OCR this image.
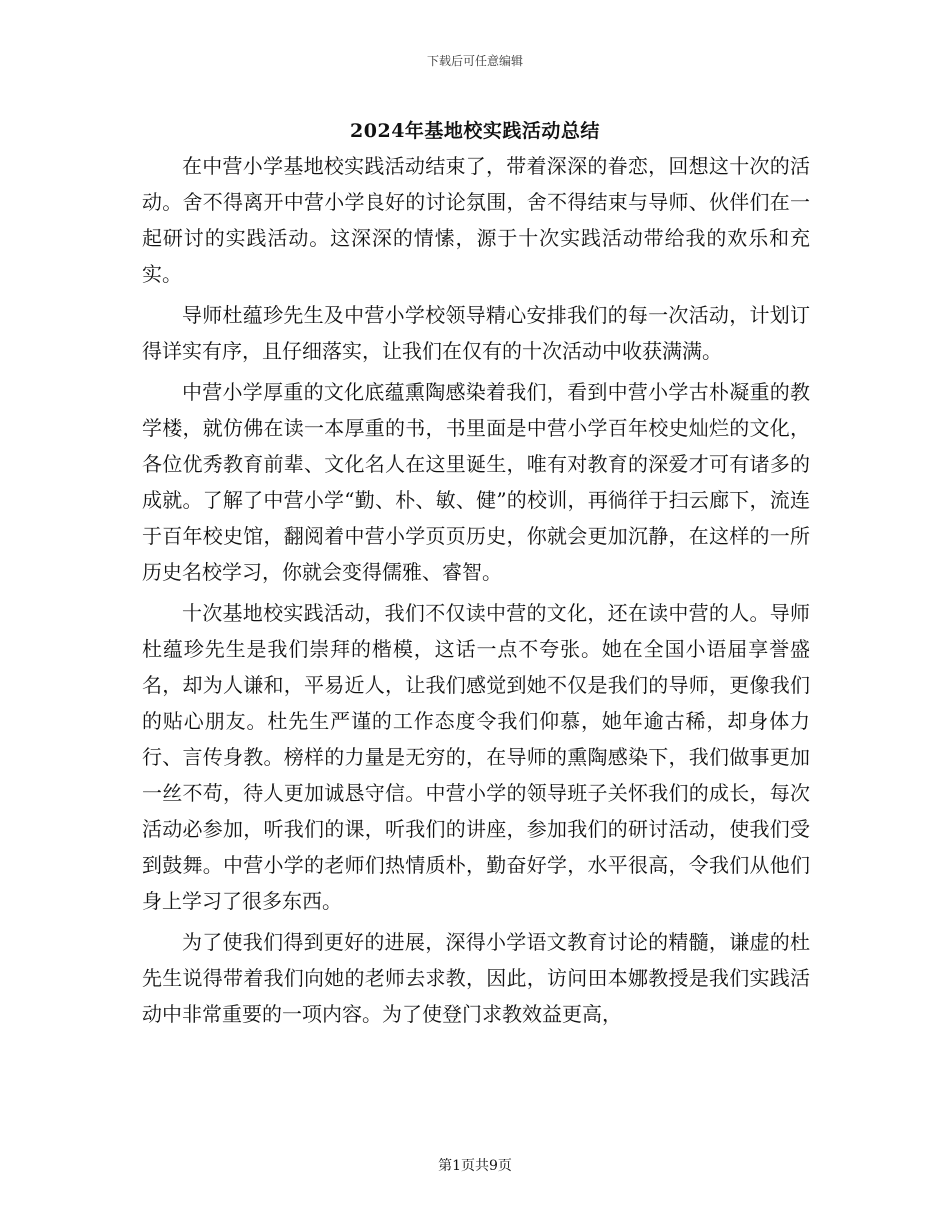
下载后可任意编辑
2024年基地校实践活动总结

在中营小学基地校实践活动结束了，带着深深的眷恋，回想这十次的活动。舍不得离开中营小学良好的讨论氛围，舍不得结束与导师、伙伴们在一起研讨的实践活动。这深深的情愫，源于十次实践活动带给我的欢乐和充实。

导师杜蕴珍先生及中营小学校领导精心安排我们的每一次活动，计划订得详实有序，且仔细落实，让我们在仅有的十次活动中收获满满。

中营小学厚重的文化底蕴熏陶感染着我们，看到中营小学古朴凝重的教学楼，就仿佛在读一本厚重的书，书里面是中营小学百年校史灿烂的文化，各位优秀教育前辈、文化名人在这里诞生，唯有对教育的深爱才可有诸多的成就。了解了中营小学“勤、朴、敏、健”的校训，再徜徉于扫云廊下，流连于百年校史馆，翻阅着中营小学页页历史，你就会更加沉静，在这样的一所历史名校学习，你就会变得儒雅、睿智。

十次基地校实践活动，我们不仅读中营的文化，还在读中营的人。导师杜蕴珍先生是我们崇拜的楷模，这话一点不夸张。她在全国小语届享誉盛名，却为人谦和，平易近人，让我们感觉到她不仅是我们的导师，更像我们的贴心朋友。杜先生严谨的工作态度令我们仰慕，她年逾古稀，却身体力行、言传身教。榜样的力量是无穷的，在导师的熏陶感染下，我们做事更加一丝不苟，待人更加诚恳守信。中营小学的领导班子关怀我们的成长，每次活动必参加，听我们的课，听我们的讲座，参加我们的研讨活动，使我们受到鼓舞。中营小学的老师们热情质朴，勤奋好学，水平很高，令我们从他们身上学习了很多东西。

为了使我们得到更好的进展，深得小学语文教育讨论的精髓，谦虚的杜先生说得带着我们向她的老师去求教，因此，访问田本娜教授是我们实践活动中非常重要的一项内容。为了使登门求教效益更高，

第1页共9页
